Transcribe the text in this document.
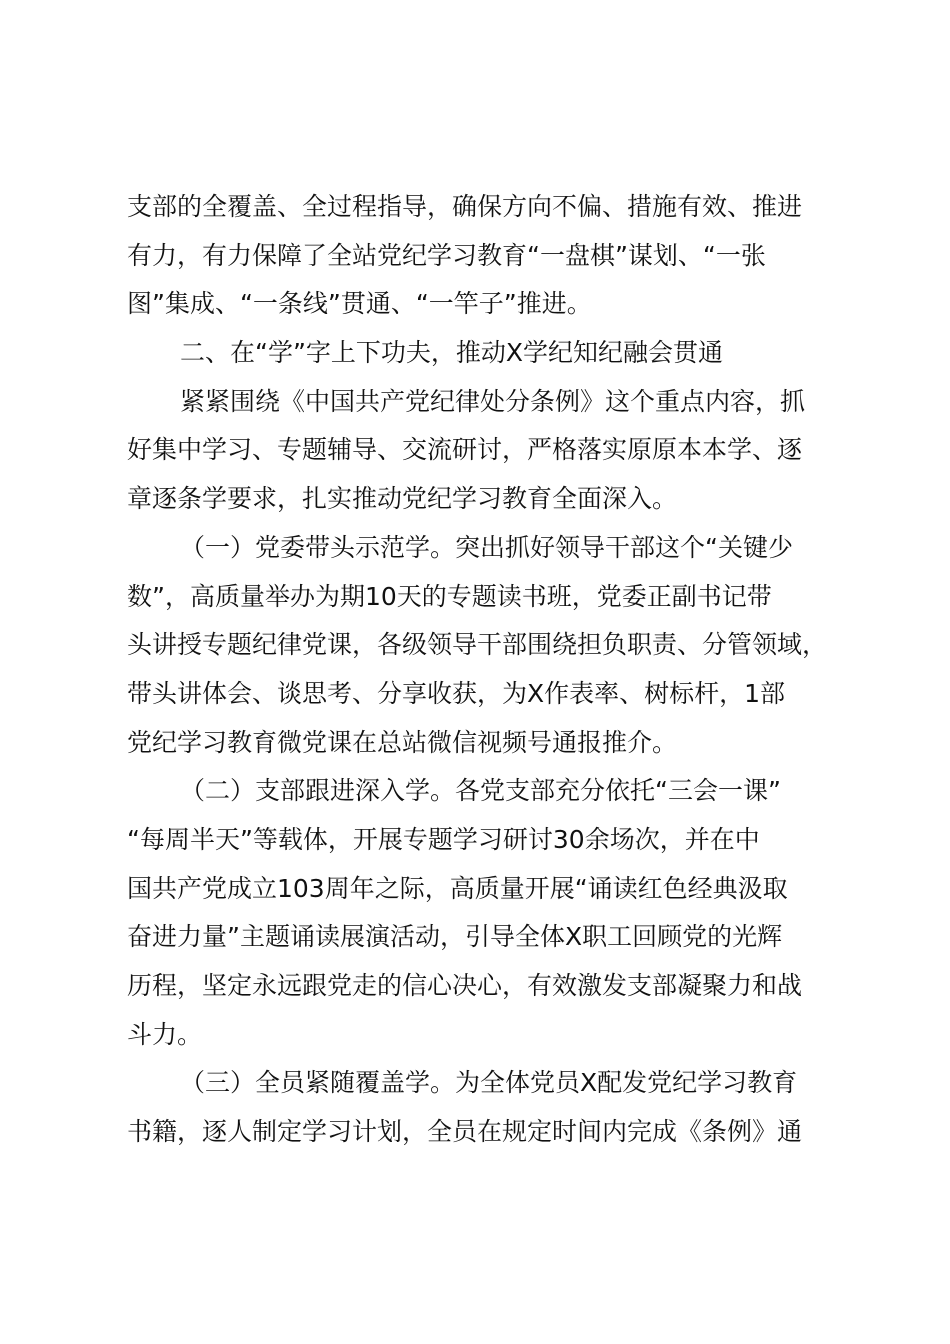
支部的全覆盖、全过程指导，确保方向不偏、措施有效、推进
有力，有力保障了全站党纪学习教育“一盘棋”谋划、“一张
图”集成、“一条线”贯通、“一竿子”推进。
二、在“学”字上下功夫，推动X学纪知纪融会贯通
紧紧围绕《中国共产党纪律处分条例》这个重点内容，抓
好集中学习、专题辅导、交流研讨，严格落实原原本本学、逐
章逐条学要求，扎实推动党纪学习教育全面深入。
（一）党委带头示范学。突出抓好领导干部这个“关键少
数”，高质量举办为期10天的专题读书班，党委正副书记带
头讲授专题纪律党课，各级领导干部围绕担负职责、分管领域，
带头讲体会、谈思考、分享收获，为X作表率、树标杆，1部
党纪学习教育微党课在总站微信视频号通报推介。
（二）支部跟进深入学。各党支部充分依托“三会一课”
“每周半天”等载体，开展专题学习研讨30余场次，并在中
国共产党成立103周年之际，高质量开展“诵读红色经典汲取
奋进力量”主题诵读展演活动，引导全体X职工回顾党的光辉
历程，坚定永远跟党走的信心决心，有效激发支部凝聚力和战
斗力。
（三）全员紧随覆盖学。为全体党员X配发党纪学习教育
书籍，逐人制定学习计划，全员在规定时间内完成《条例》通
